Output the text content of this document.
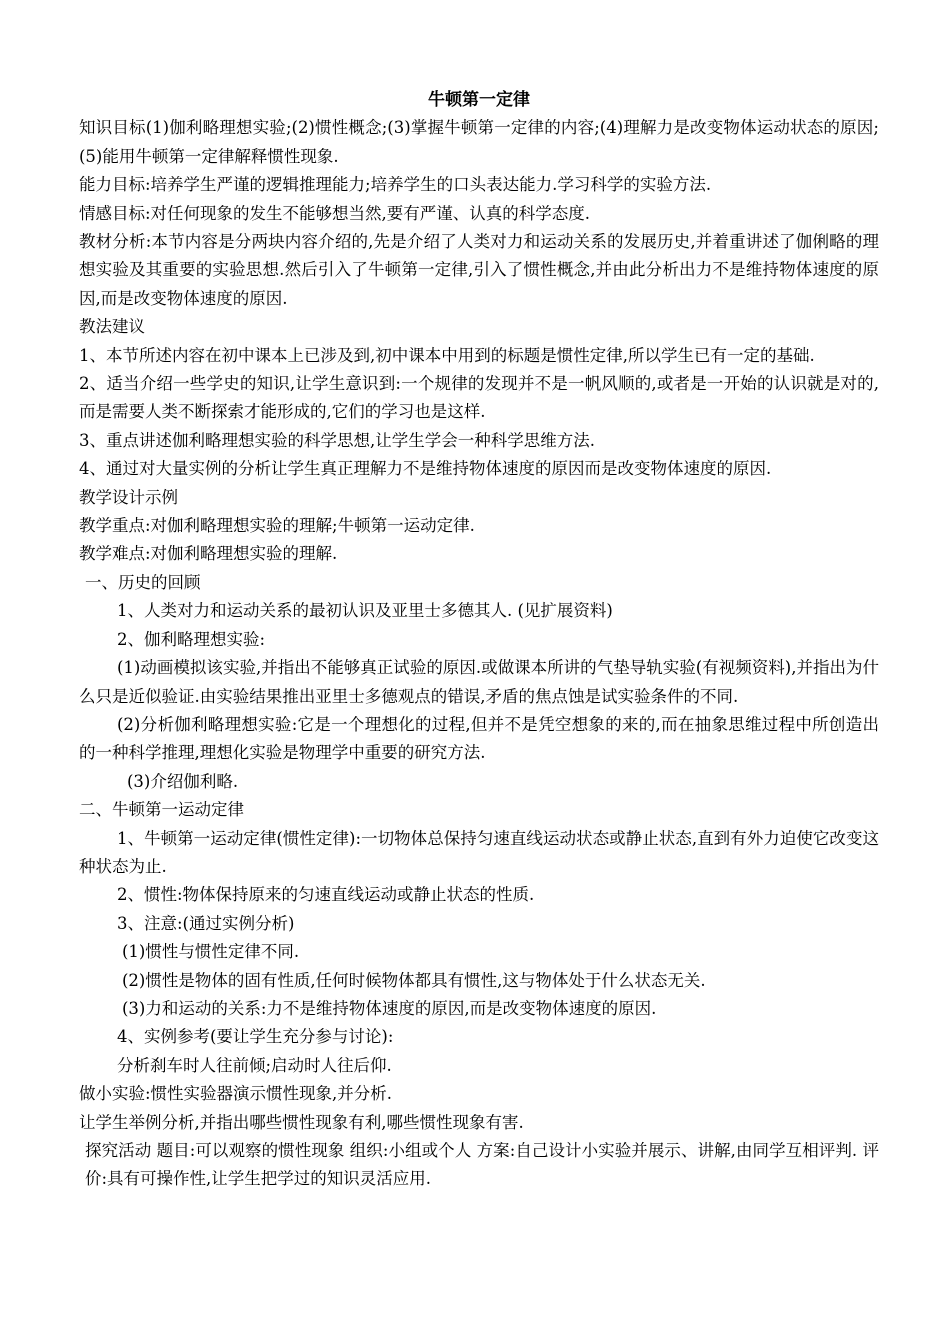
牛顿第一定律
知识目标(1)伽利略理想实验;(2)惯性概念;(3)掌握牛顿第一定律的内容;(4)理解力是改变物体运动状态的原因; (5)能用牛顿第一定律解释惯性现象.
能力目标:培养学生严谨的逻辑推理能力;培养学生的口头表达能力.学习科学的实验方法.
情感目标:对任何现象的发生不能够想当然,要有严谨、认真的科学态度.
教材分析:本节内容是分两块内容介绍的,先是介绍了人类对力和运动关系的发展历史,并着重讲述了伽俐略的理想实验及其重要的实验思想.然后引入了牛顿第一定律,引入了惯性概念,并由此分析出力不是维持物体速度的原因,而是改变物体速度的原因.
教法建议
1、本节所述内容在初中课本上已涉及到,初中课本中用到的标题是惯性定律,所以学生已有一定的基础.
2、适当介绍一些学史的知识,让学生意识到:一个规律的发现并不是一帆风顺的,或者是一开始的认识就是对的,而是需要人类不断探索才能形成的,它们的学习也是这样.
3、重点讲述伽利略理想实验的科学思想,让学生学会一种科学思维方法.
4、通过对大量实例的分析让学生真正理解力不是维持物体速度的原因而是改变物体速度的原因.
教学设计示例
教学重点:对伽利略理想实验的理解;牛顿第一运动定律.
教学难点:对伽利略理想实验的理解.
一、历史的回顾
1、人类对力和运动关系的最初认识及亚里士多德其人. (见扩展资料)
2、伽利略理想实验:
(1)动画模拟该实验,并指出不能够真正试验的原因.或做课本所讲的气垫导轨实验(有视频资料),并指出为什么只是近似验证.由实验结果推出亚里士多德观点的错误,矛盾的焦点蚀是试实验条件的不同.
(2)分析伽利略理想实验:它是一个理想化的过程,但并不是凭空想象的来的,而在抽象思维过程中所创造出的一种科学推理,理想化实验是物理学中重要的研究方法.
(3)介绍伽利略.
二、牛顿第一运动定律
1、牛顿第一运动定律(惯性定律):一切物体总保持匀速直线运动状态或静止状态,直到有外力迫使它改变这种状态为止.
2、惯性:物体保持原来的匀速直线运动或静止状态的性质.
3、注意:(通过实例分析)
(1)惯性与惯性定律不同.
(2)惯性是物体的固有性质,任何时候物体都具有惯性,这与物体处于什么状态无关.
(3)力和运动的关系:力不是维持物体速度的原因,而是改变物体速度的原因.
4、实例参考(要让学生充分参与讨论):
分析刹车时人往前倾;启动时人往后仰.
做小实验:惯性实验器演示惯性现象,并分析.
让学生举例分析,并指出哪些惯性现象有利,哪些惯性现象有害.
探究活动 题目:可以观察的惯性现象 组织:小组或个人 方案:自己设计小实验并展示、讲解,由同学互相评判. 评价:具有可操作性,让学生把学过的知识灵活应用.
